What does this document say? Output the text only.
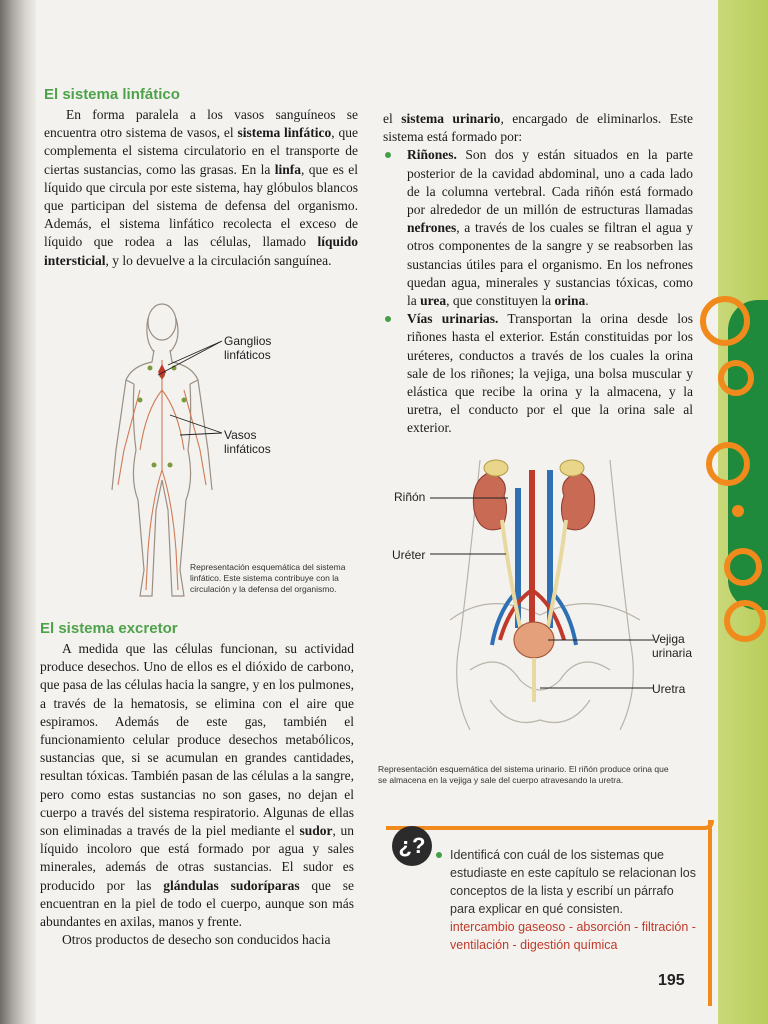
El sistema linfático

En forma paralela a los vasos sanguíneos se encuentra otro sistema de vasos, el sistema linfático, que complementa el sistema circulatorio en el transporte de ciertas sustancias, como las grasas. En la linfa, que es el líquido que circula por este sistema, hay glóbulos blancos que participan del sistema de defensa del organismo. Además, el sistema linfático recolecta el exceso de líquido que rodea a las células, llamado líquido intersticial, y lo devuelve a la circulación sanguínea.

Ganglios linfáticos
Vasos linfáticos
Representación esquemática del sistema linfático. Este sistema contribuye con la circulación y la defensa del organismo.
El sistema excretor

A medida que las células funcionan, su actividad produce desechos. Uno de ellos es el dióxido de carbono, que pasa de las células hacia la sangre, y en los pulmones, a través de la hematosis, se elimina con el aire que espiramos. Además de este gas, también el funcionamiento celular produce desechos metabólicos, sustancias que, si se acumulan en grandes cantidades, resultan tóxicas. También pasan de las células a la sangre, pero como estas sustancias no son gases, no dejan el cuerpo a través del sistema respiratorio. Algunas de ellas son eliminadas a través de la piel mediante el sudor, un líquido incoloro que está formado por agua y sales minerales, además de otras sustancias. El sudor es producido por las glándulas sudoríparas que se encuentran en la piel de todo el cuerpo, aunque son más abundantes en axilas, manos y frente.

Otros productos de desecho son conducidos hacia

el sistema urinario, encargado de eliminarlos. Este sistema está formado por:

Riñones. Son dos y están situados en la parte posterior de la cavidad abdominal, uno a cada lado de la columna vertebral. Cada riñón está formado por alrededor de un millón de estructuras llamadas nefrones, a través de los cuales se filtran el agua y otros componentes de la sangre y se reabsorben las sustancias útiles para el organismo. En los nefrones quedan agua, minerales y sustancias tóxicas, como la urea, que constituyen la orina.
Vías urinarias. Transportan la orina desde los riñones hasta el exterior. Están constituidas por los uréteres, conductos a través de los cuales la orina sale de los riñones; la vejiga, una bolsa muscular y elástica que recibe la orina y la almacena, y la uretra, el conducto por el que la orina sale al exterior.
Riñón
Uréter
Vejiga urinaria
Uretra
Representación esquemática del sistema urinario. El riñón produce orina que se almacena en la vejiga y sale del cuerpo atravesando la uretra.
¿?	Identificá con cuál de los sistemas que estudiaste en este capítulo se relacionan los conceptos de la lista y escribí un párrafo para explicar en qué consisten.
intercambio gaseoso - absorción - filtración - ventilación - digestión química
195
